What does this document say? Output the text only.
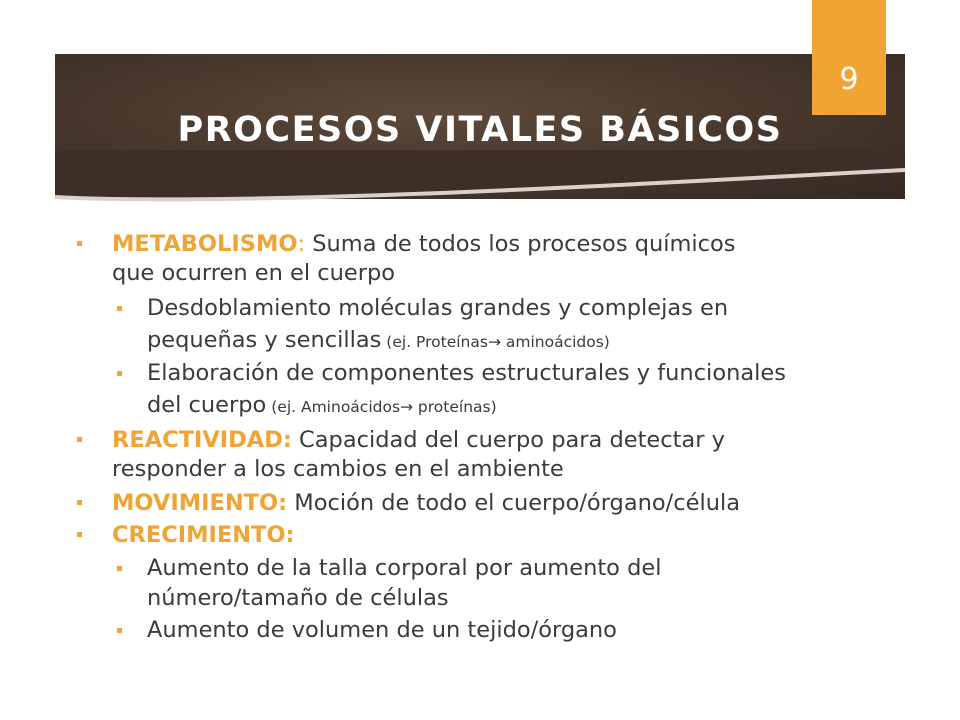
PROCESOS VITALES BÁSICOS
9
METABOLISMO: Suma de todos los procesos químicos
que ocurren en el cuerpo
Desdoblamiento moléculas grandes y complejas en
pequeñas y sencillas (ej. Proteínas→ aminoácidos)
Elaboración de componentes estructurales y funcionales
del cuerpo (ej. Aminoácidos→ proteínas)
REACTIVIDAD: Capacidad del cuerpo para detectar y
responder a los cambios en el ambiente
MOVIMIENTO: Moción de todo el cuerpo/órgano/célula
CRECIMIENTO:
Aumento de la talla corporal por aumento del
número/tamaño de células
Aumento de volumen de un tejido/órgano
